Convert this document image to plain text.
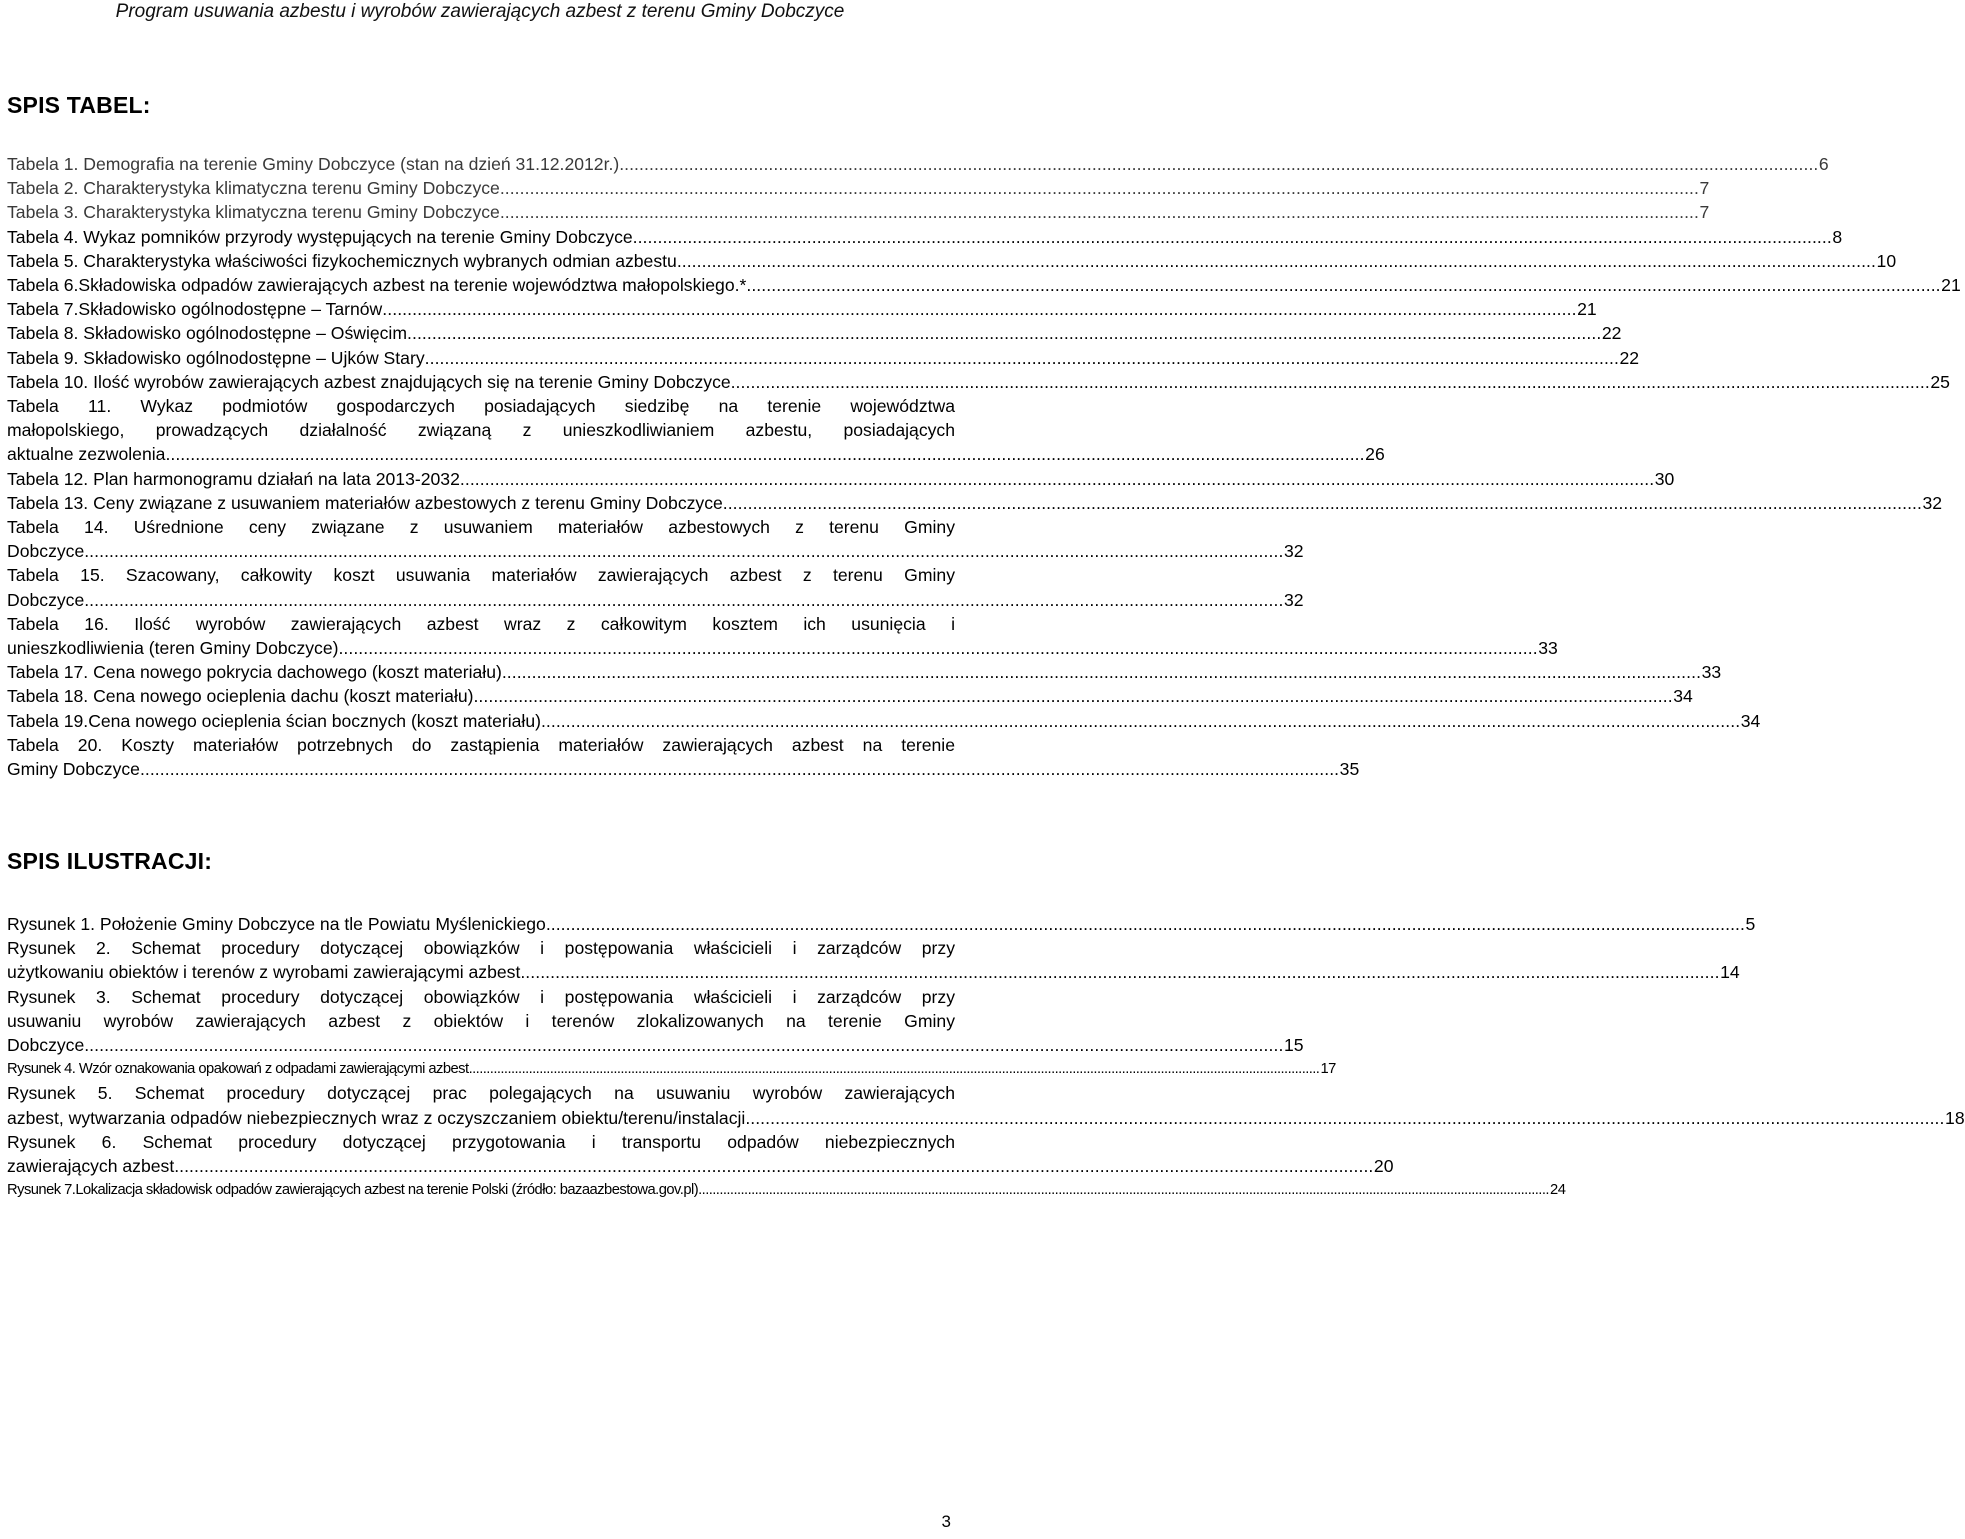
Program usuwania azbestu i wyrobów zawierających azbest z terenu Gminy Dobczyce
SPIS TABEL:
Tabela 1. Demografia na terenie Gminy Dobczyce (stan na dzień 31.12.2012r.). . . .	6
Tabela 2. Charakterystyka klimatyczna terenu Gminy Dobczyce. . . .	7
Tabela 3. Charakterystyka klimatyczna terenu Gminy Dobczyce. . . .	7
Tabela 4. Wykaz pomników przyrody występujących na terenie Gminy Dobczyce. . . .	8
Tabela 5. Charakterystyka właściwości fizykochemicznych wybranych odmian azbestu. . . .	10
Tabela 6.Składowiska odpadów zawierających azbest na terenie województwa małopolskiego.* . . .	21
Tabela 7.Składowisko ogólnodostępne – Tarnów . . .	21
Tabela 8. Składowisko ogólnodostępne – Oświęcim . . .	22
Tabela 9. Składowisko ogólnodostępne – Ujków Stary . . .	22
Tabela 10. Ilość wyrobów zawierających azbest znajdujących się na terenie Gminy Dobczyce. . . .	25
Tabela 11. Wykaz podmiotów gospodarczych posiadających siedzibę na terenie województwa
małopolskiego, prowadzących działalność związaną z unieszkodliwianiem azbestu, posiadających
aktualne zezwolenia. . . .	26
Tabela 12. Plan harmonogramu działań na lata 2013-2032 . . .	30
Tabela 13. Ceny związane z usuwaniem materiałów azbestowych z terenu Gminy Dobczyce. . . .	32
Tabela 14. Uśrednione ceny związane z usuwaniem materiałów azbestowych z terenu Gminy
Dobczyce. . . .	32
Tabela 15. Szacowany, całkowity koszt usuwania materiałów zawierających azbest z terenu Gminy
Dobczyce. . . .	32
Tabela 16. Ilość wyrobów zawierających azbest wraz z całkowitym kosztem ich usunięcia i
unieszkodliwienia (teren Gminy Dobczyce). . . .	33
Tabela 17. Cena nowego pokrycia dachowego (koszt materiału). . . .	33
Tabela 18. Cena nowego ocieplenia dachu (koszt materiału). . . .	34
Tabela 19.Cena nowego ocieplenia ścian bocznych (koszt materiału). . . .	34
Tabela 20. Koszty materiałów potrzebnych do zastąpienia materiałów zawierających azbest na terenie
Gminy Dobczyce. . . .	35
SPIS ILUSTRACJI:
Rysunek 1. Położenie Gminy Dobczyce na tle Powiatu Myślenickiego. . . .	5
Rysunek 2. Schemat procedury dotyczącej obowiązków i postępowania właścicieli i zarządców przy
użytkowaniu obiektów i terenów z wyrobami zawierającymi azbest. . . .	14
Rysunek 3. Schemat procedury dotyczącej obowiązków i postępowania właścicieli i zarządców przy
usuwaniu wyrobów zawierających azbest z obiektów i terenów zlokalizowanych na terenie Gminy
Dobczyce. . . .	15
Rysunek 4. Wzór oznakowania opakowań z odpadami zawierającymi azbest. . . .	17
Rysunek 5. Schemat procedury dotyczącej prac polegających na usuwaniu wyrobów zawierających
azbest, wytwarzania odpadów niebezpiecznych wraz z oczyszczaniem obiektu/terenu/instalacji. . . .	18
Rysunek 6. Schemat procedury dotyczącej przygotowania i transportu odpadów niebezpiecznych
zawierających azbest. . . .	20
Rysunek 7.Lokalizacja składowisk odpadów zawierających azbest na terenie Polski (źródło: bazaazbestowa.gov.pl). . . .	24
3
